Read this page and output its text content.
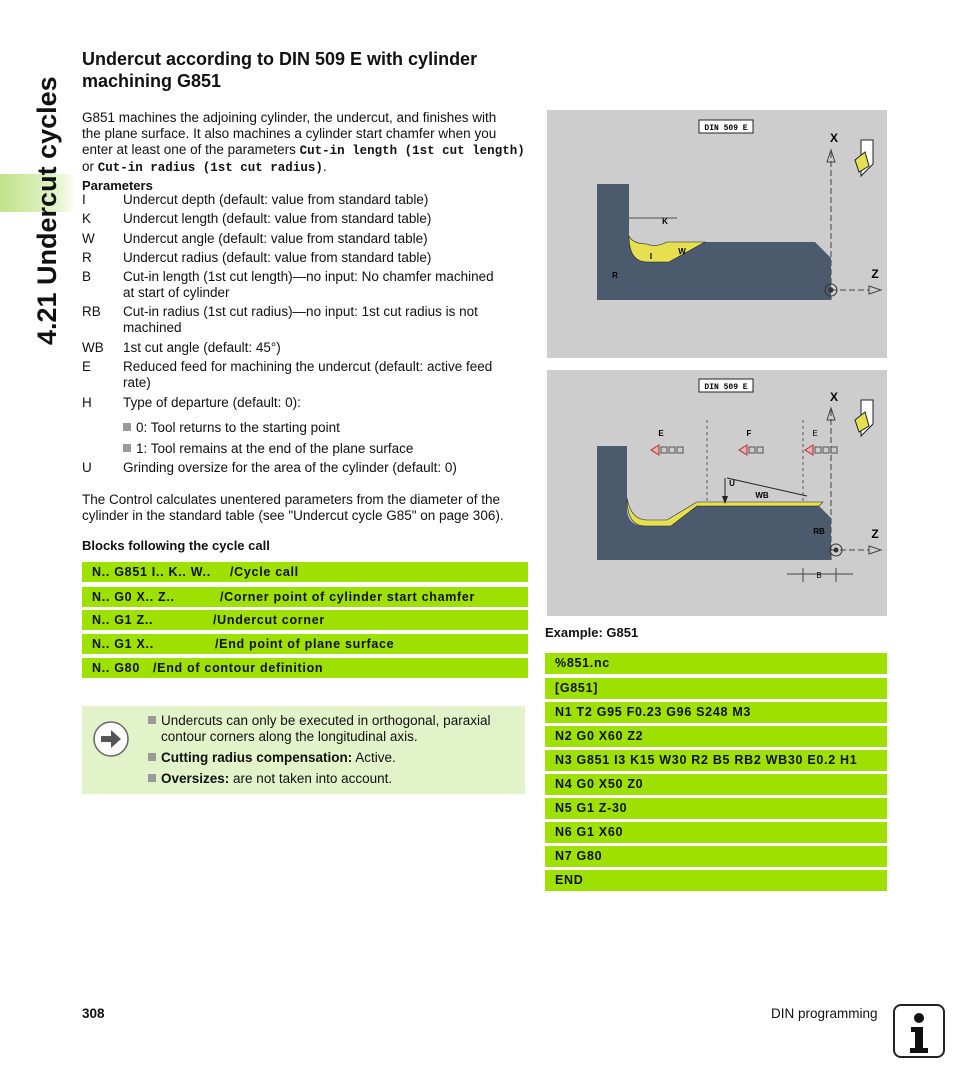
4.21 Undercut cycles
Undercut according to DIN 509 E with cylinder machining G851
G851 machines the adjoining cylinder, the undercut, and finishes with
the plane surface. It also machines a cylinder start chamfer when you
enter at least one of the parameters Cut-in length (1st cut length)
or Cut-in radius (1st cut radius).
Parameters
I	Undercut depth (default: value from standard table)
K	Undercut length (default: value from standard table)
W	Undercut angle (default: value from standard table)
R	Undercut radius (default: value from standard table)
B	Cut-in length (1st cut length)—no input: No chamfer machined
at start of cylinder
RB	Cut-in radius (1st cut radius)—no input: 1st cut radius is not
machined
WB	1st cut angle (default: 45°)
E	Reduced feed for machining the undercut (default: active feed
rate)
H	Type of departure (default: 0):
0: Tool returns to the starting point
1: Tool remains at the end of the plane surface
U	Grinding oversize for the area of the cylinder (default: 0)
The Control calculates unentered parameters from the diameter of the
cylinder in the standard table (see "Undercut cycle G85" on page 306).
Blocks following the cycle call
N.. G851 I.. K.. W.. /Cycle call
N.. G0 X.. Z..	/Corner point of cylinder start chamfer
N.. G1 Z..	/Undercut corner
N.. G1 X..	/End point of plane surface
N.. G80 /End of contour definition
Undercuts can only be executed in orthogonal, paraxial
contour corners along the longitudinal axis.
Cutting radius compensation: Active.
Oversizes: are not taken into account.
DIN 509 E
X
Z
K
I
W
R
DIN 509 E
X
Z
E	F	E
U
WB
RB
B
Example: G851
%851.nc
[G851]
N1 T2 G95 F0.23 G96 S248 M3
N2 G0 X60 Z2
N3 G851 I3 K15 W30 R2 B5 RB2 WB30 E0.2 H1
N4 G0 X50 Z0
N5 G1 Z-30
N6 G1 X60
N7 G80
END
308	DIN programming
